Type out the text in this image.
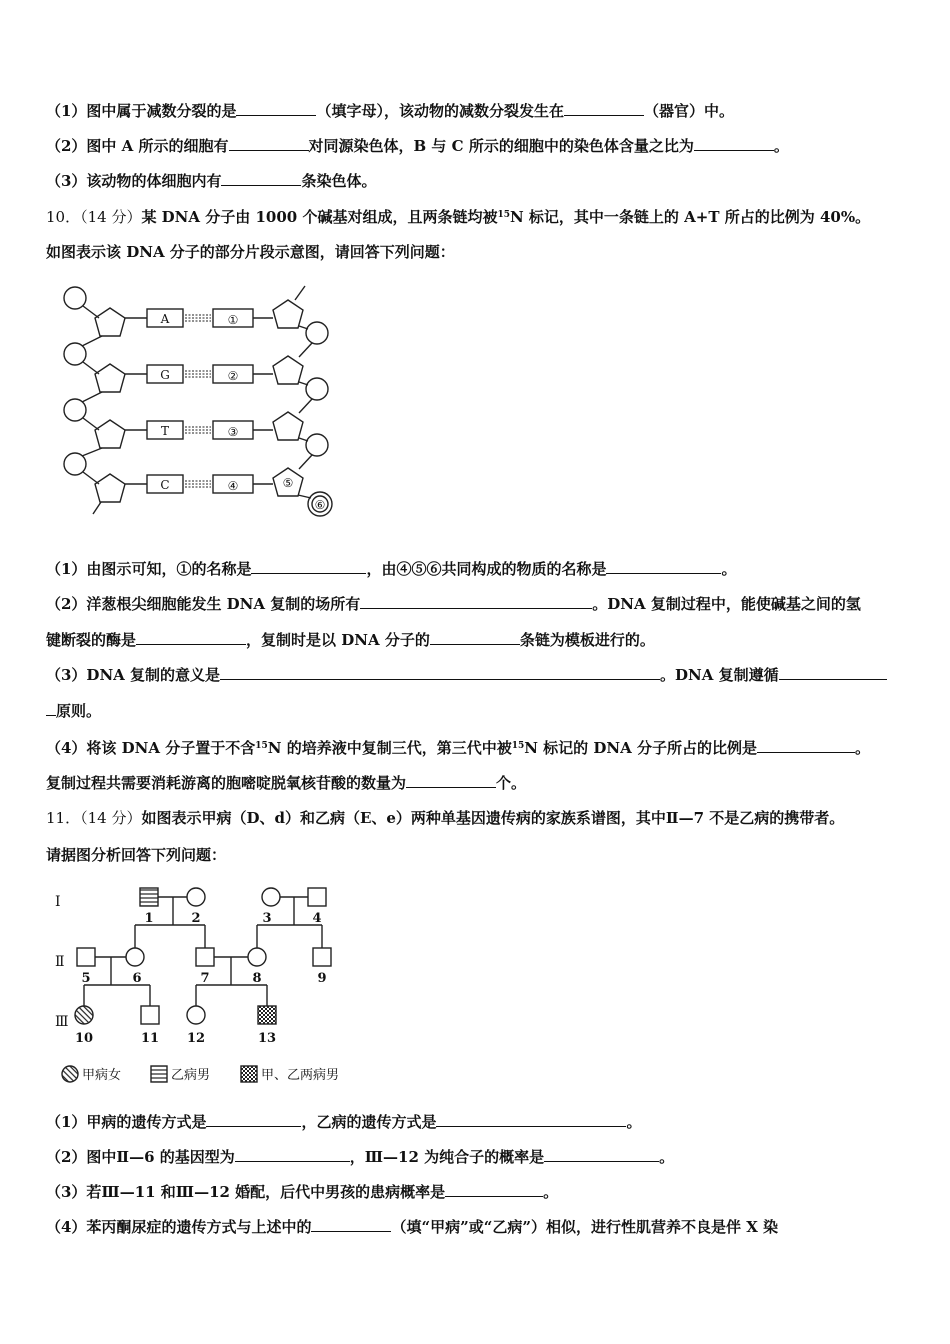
（1）图中属于减数分裂的是	（填字母），该动物的减数分裂发生在	（器官）中。
（2）图中 A 所示的细胞有	对同源染色体，B 与 C 所示的细胞中的染色体含量之比为	。
（3）该动物的体细胞内有	条染色体。
10．（14 分）某 DNA 分子由 1000 个碱基对组成，且两条链均被$^{15}$N 标记，其中一条链上的 A+T 所占的比例为 40%。
如图表示该 DNA 分子的部分片段示意图，请回答下列问题：
A
G
T
C
①
②
③
④	⑤
⑥
（1）由图示可知，①的名称是	，由④⑤⑥共同构成的物质的名称是	。
（2）洋葱根尖细胞能发生 DNA 复制的场所有	。DNA 复制过程中，能使碱基之间的氢
键断裂的酶是	，复制时是以 DNA 分子的	条链为模板进行的。
（3）DNA 复制的意义是	。DNA 复制遵循
原则。
（4）将该 DNA 分子置于不含$^{15}$N 的培养液中复制三代，第三代中被$^{15}$N 标记的 DNA 分子所占的比例是	。
复制过程共需要消耗游离的胞嘧啶脱氧核苷酸的数量为	个。
11．（14 分）如图表示甲病（D、d）和乙病（E、e）两种单基因遗传病的家族系谱图，其中Ⅱ—7 不是乙病的携带者。
请据图分析回答下列问题：
Ⅰ
Ⅱ
Ⅲ
1	2	3	4
5	6	7	8	9
10	11 12	13
甲病女	乙病男	甲、乙两病男
（1）甲病的遗传方式是	，乙病的遗传方式是	。
（2）图中Ⅱ—6 的基因型为	，Ⅲ—12 为纯合子的概率是	。
（3）若Ⅲ—11 和Ⅲ—12 婚配，后代中男孩的患病概率是	。
（4）苯丙酮尿症的遗传方式与上述中的	（填“甲病”或“乙病”）相似，进行性肌营养不良是伴 X 染
